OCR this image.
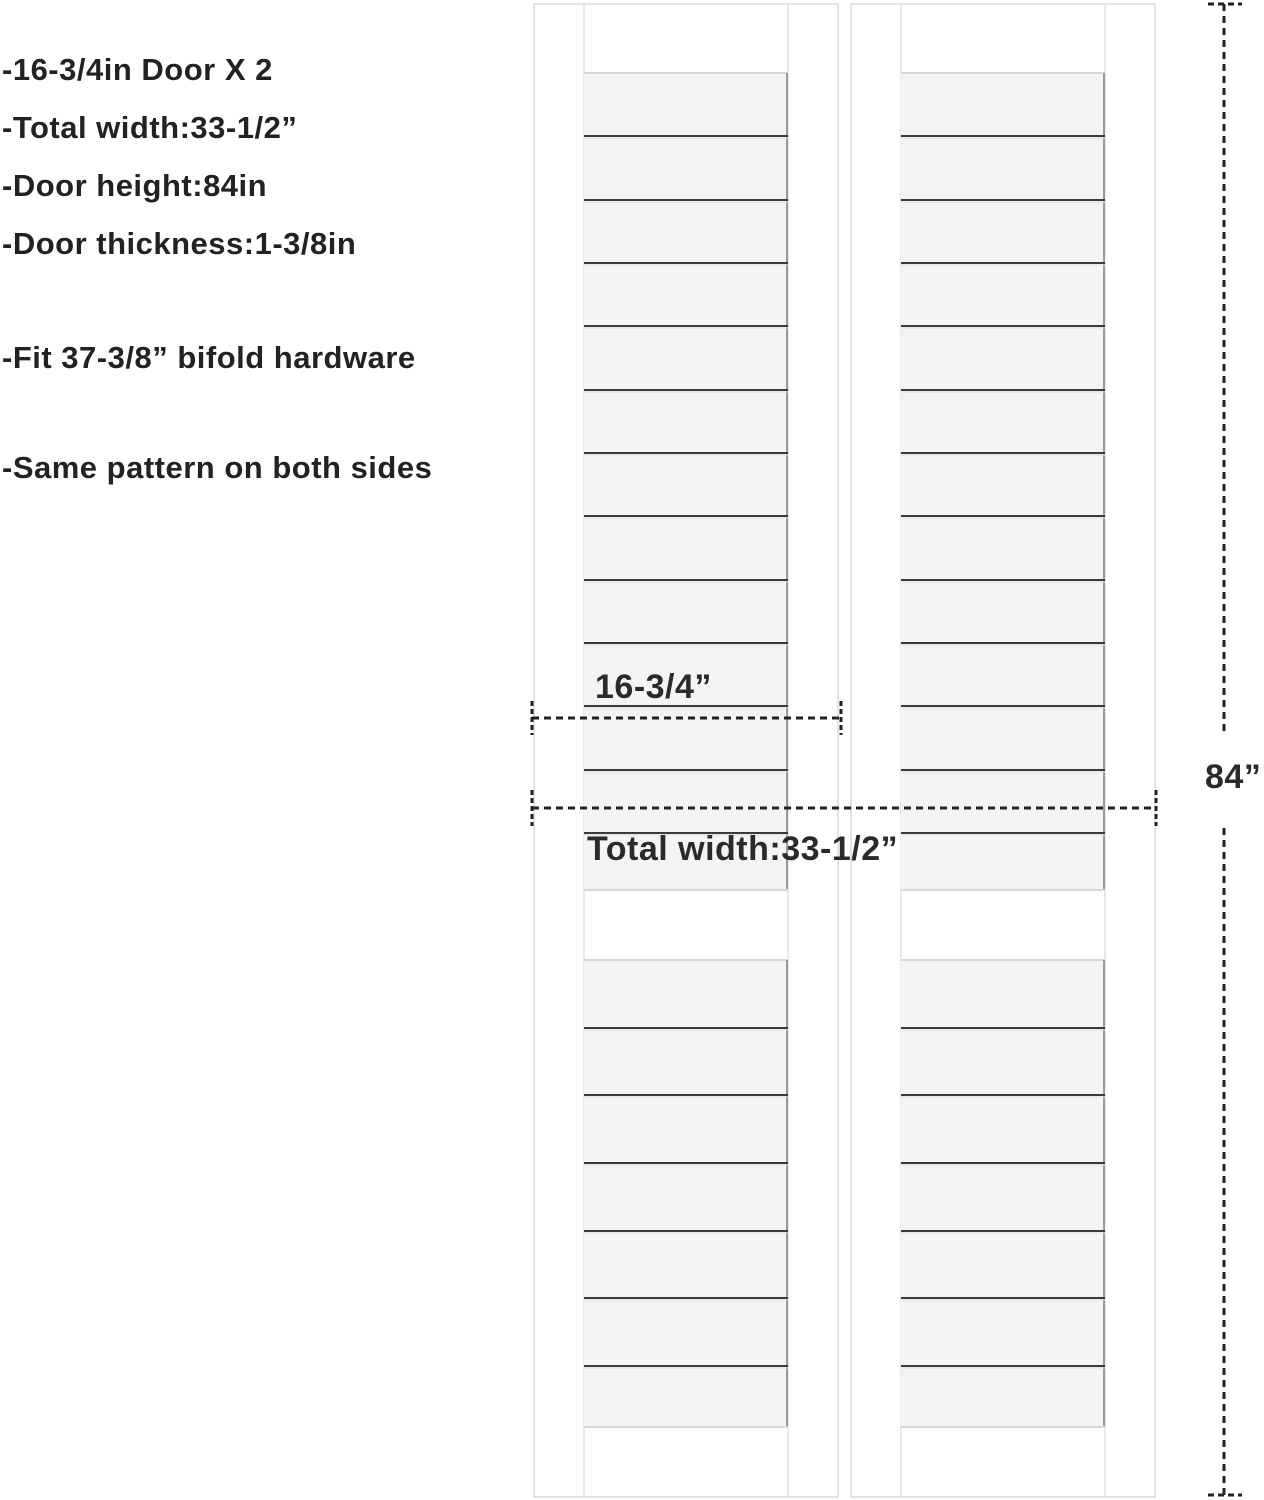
-16-3/4in Door X 2

-Total width:33-1/2”

-Door height:84in

-Door thickness:1-3/8in

-Fit 37-3/8” bifold hardware

-Same pattern on both sides

16-3/4”
Total width:33-1/2”
84”
